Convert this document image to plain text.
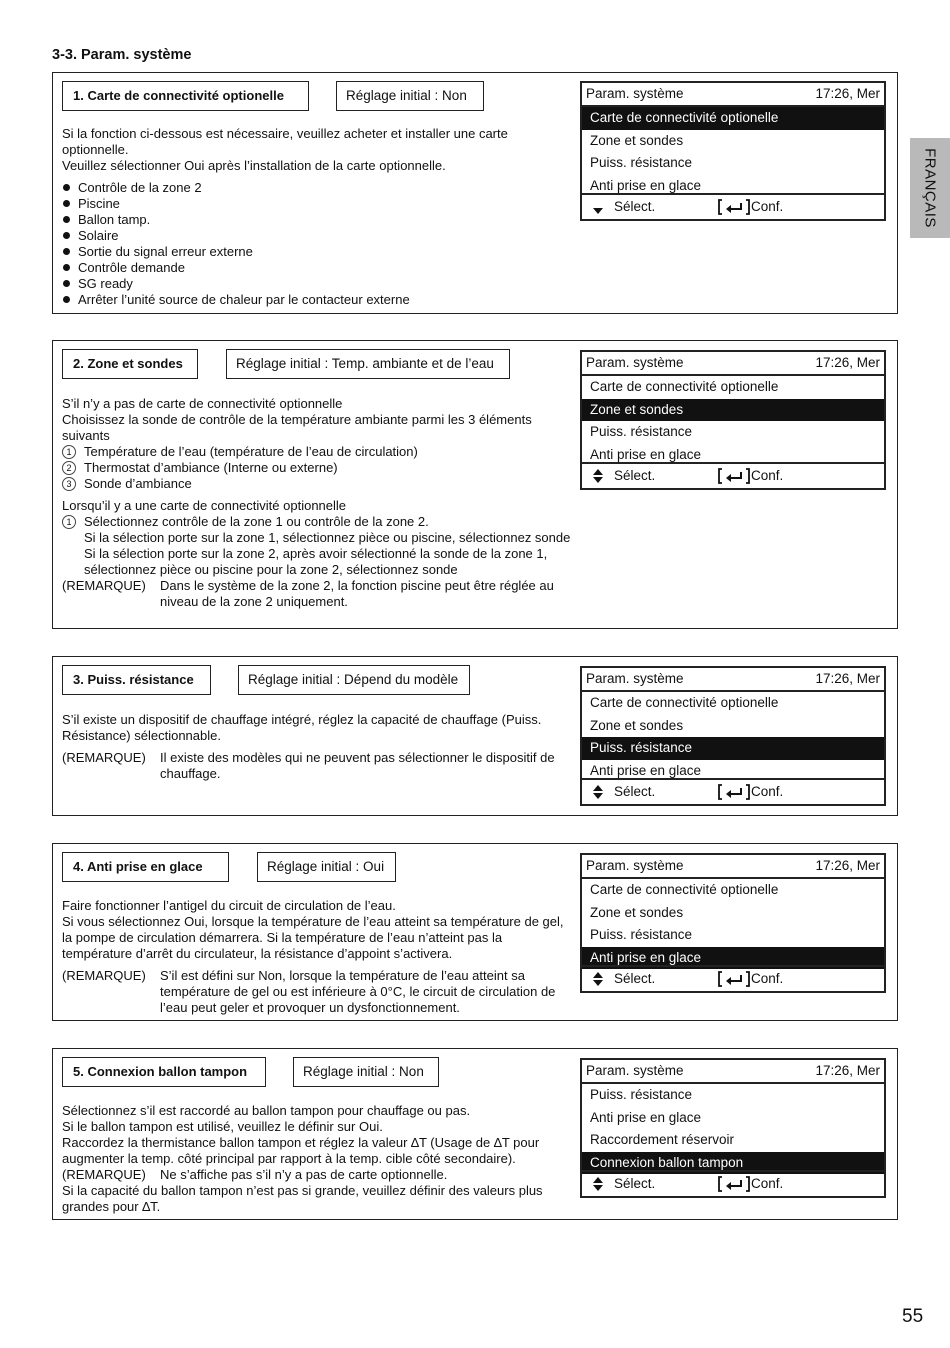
3-3. Param. système
FRANÇAIS
55
1. Carte de connectivité optionelle	Réglage initial : Non

Si la fonction ci-dessous est nécessaire, veuillez acheter et installer une carte optionnelle.

Veuillez sélectionner Oui après l’installation de la carte optionnelle.

Contrôle de la zone 2
Piscine
Ballon tamp.
Solaire
Sortie du signal erreur externe
Contrôle demande
SG ready
Arrêter l’unité source de chaleur par le contacteur externe
Param. système	17:26, Mer
Carte de connectivité optionelle
Zone et sondes
Puiss. résistance
Anti prise en glace
Sélect.	Conf.
2. Zone et sondes	Réglage initial : Temp. ambiante et de l’eau

S’il n’y a pas de carte de connectivité optionnelle

Choisissez la sonde de contrôle de la température ambiante parmi les 3 éléments suivants

1 Température de l’eau (température de l’eau de circulation)

2 Thermostat d’ambiance (Interne ou externe)

3 Sonde d’ambiance

Lorsqu’il y a une carte de connectivité optionnelle

1 Sélectionnez contrôle de la zone 1 ou contrôle de la zone 2.

Si la sélection porte sur la zone 1, sélectionnez pièce ou piscine, sélectionnez sonde

Si la sélection porte sur la zone 2, après avoir sélectionné la sonde de la zone 1, sélectionnez pièce ou piscine pour la zone 2, sélectionnez sonde

(REMARQUE)	Dans le système de la zone 2, la fonction piscine peut être réglée au niveau de la zone 2 uniquement.
Param. système	17:26, Mer
Carte de connectivité optionelle
Zone et sondes
Puiss. résistance
Anti prise en glace
Sélect.	Conf.
3. Puiss. résistance	Réglage initial : Dépend du modèle

S’il existe un dispositif de chauffage intégré, réglez la capacité de chauffage (Puiss. Résistance) sélectionnable.

(REMARQUE)	Il existe des modèles qui ne peuvent pas sélectionner le dispositif de chauffage.
Param. système	17:26, Mer
Carte de connectivité optionelle
Zone et sondes
Puiss. résistance
Anti prise en glace
Sélect.	Conf.
4. Anti prise en glace	Réglage initial : Oui

Faire fonctionner l’antigel du circuit de circulation de l’eau.

Si vous sélectionnez Oui, lorsque la température de l’eau atteint sa température de gel, la pompe de circulation démarrera. Si la température de l’eau n’atteint pas la température d’arrêt du circulateur, la résistance d’appoint s’activera.

(REMARQUE)	S’il est défini sur Non, lorsque la température de l’eau atteint sa température de gel ou est inférieure à 0°C, le circuit de circulation de l’eau peut geler et provoquer un dysfonctionnement.
Param. système	17:26, Mer
Carte de connectivité optionelle
Zone et sondes
Puiss. résistance
Anti prise en glace
Sélect.	Conf.
5. Connexion ballon tampon	Réglage initial : Non

Sélectionnez s’il est raccordé au ballon tampon pour chauffage ou pas.

Si le ballon tampon est utilisé, veuillez le définir sur Oui.

Raccordez la thermistance ballon tampon et réglez la valeur ∆T (Usage de ∆T pour augmenter la temp. côté principal par rapport à la temp. cible côté secondaire).

(REMARQUE)	Ne s’affiche pas s’il n’y a pas de carte optionnelle.

Si la capacité du ballon tampon n’est pas si grande, veuillez définir des valeurs plus grandes pour ∆T.

Param. système	17:26, Mer
Puiss. résistance
Anti prise en glace
Raccordement réservoir
Connexion ballon tampon
Sélect.	Conf.
